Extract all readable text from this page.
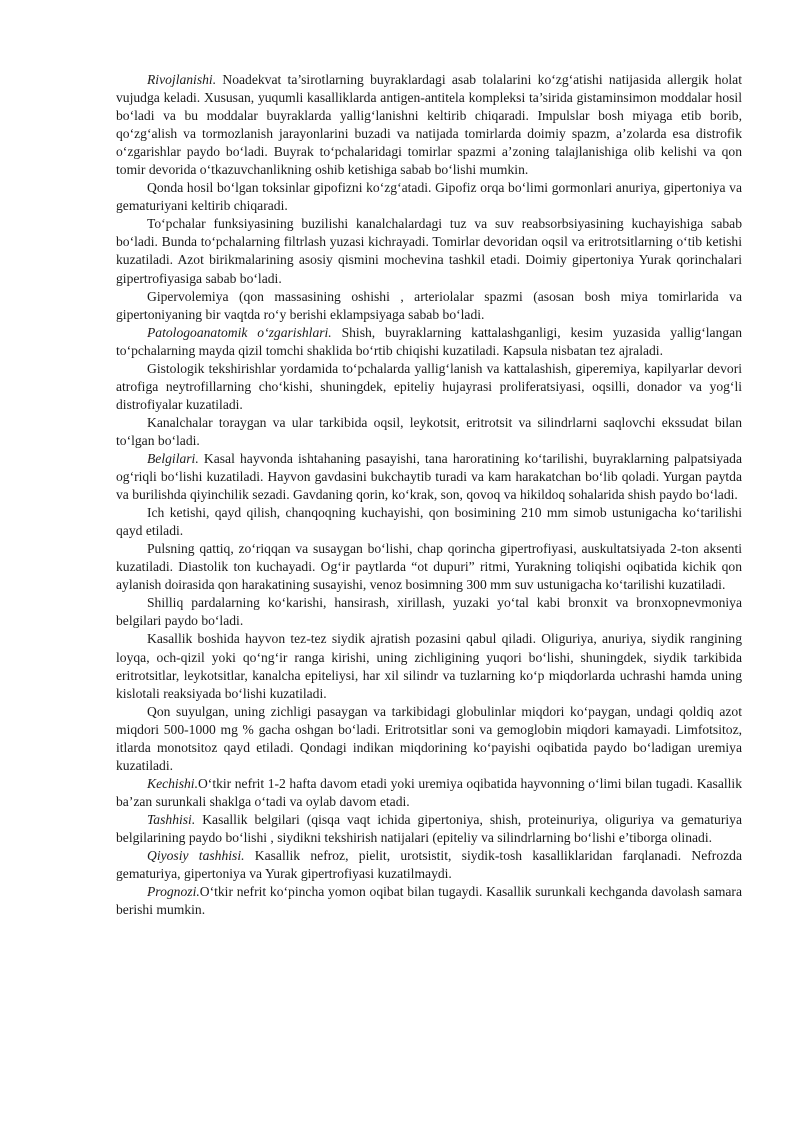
Rivojlanishi. Noadekvat ta’sirotlarning buyraklardagi asab tolalarini ko‘zg‘atishi natijasida allergik holat vujudga keladi. Xususan, yuqumli kasalliklarda antigen-antitela kompleksi ta’sirida gistaminsimon moddalar hosil bo‘ladi va bu moddalar buyraklarda yallig‘lanishni keltirib chiqaradi. Impulslar bosh miyaga etib borib, qo‘zg‘alish va tormozlanish jarayonlarini buzadi va natijada tomirlarda doimiy spazm, a’zolarda esa distrofik o‘zgarishlar paydo bo‘ladi. Buyrak to‘pchalaridagi tomirlar spazmi a’zoning talajlanishiga olib kelishi va qon tomir devorida o‘tkazuvchanlikning oshib ketishiga sabab bo‘lishi mumkin.

Qonda hosil bo‘lgan toksinlar gipofizni ko‘zg‘atadi. Gipofiz orqa bo‘limi gormonlari anuriya, gipertoniya va gematuriyani keltirib chiqaradi.

To‘pchalar funksiyasining buzilishi kanalchalardagi tuz va suv reabsorbsiyasining kuchayishiga sabab bo‘ladi. Bunda to‘pchalarning filtrlash yuzasi kichrayadi. Tomirlar devoridan oqsil va eritrotsitlarning o‘tib ketishi kuzatiladi. Azot birikmalarining asosiy qismini mochevina tashkil etadi. Doimiy gipertoniya Yurak qorinchalari gipertrofiyasiga sabab bo‘ladi.

Gipervolemiya (qon massasining oshishi , arteriolalar spazmi (asosan bosh miya tomirlarida va gipertoniyaning bir vaqtda ro‘y berishi eklampsiyaga sabab bo‘ladi.

Patologoanatomik o‘zgarishlari. Shish, buyraklarning kattalashganligi, kesim yuzasida yallig‘langan to‘pchalarning mayda qizil tomchi shaklida bo‘rtib chiqishi kuzatiladi. Kapsula nisbatan tez ajraladi.

Gistologik tekshirishlar yordamida to‘pchalarda yallig‘lanish va kattalashish, giperemiya, kapilyarlar devori atrofiga neytrofillarning cho‘kishi, shuningdek, epiteliy hujayrasi proliferatsiyasi, oqsilli, donador va yog‘li distrofiyalar kuzatiladi.

Kanalchalar toraygan va ular tarkibida oqsil, leykotsit, eritrotsit va silindrlarni saqlovchi ekssudat bilan to‘lgan bo‘ladi.

Belgilari. Kasal hayvonda ishtahaning pasayishi, tana haroratining ko‘tarilishi, buyraklarning palpatsiyada og‘riqli bo‘lishi kuzatiladi. Hayvon gavdasini bukchaytib turadi va kam harakatchan bo‘lib qoladi. Yurgan paytda va burilishda qiyinchilik sezadi. Gavdaning qorin, ko‘krak, son, qovoq va hikildoq sohalarida shish paydo bo‘ladi.

Ich ketishi, qayd qilish, chanqoqning kuchayishi, qon bosimining 210 mm simob ustunigacha ko‘tarilishi qayd etiladi.

Pulsning qattiq, zo‘riqqan va susaygan bo‘lishi, chap qorincha gipertrofiyasi, auskultatsiyada 2-ton aksenti kuzatiladi. Diastolik ton kuchayadi. Og‘ir paytlarda “ot dupuri” ritmi, Yurakning toliqishi oqibatida kichik qon aylanish doirasida qon harakatining susayishi, venoz bosimning 300 mm suv ustunigacha ko‘tarilishi kuzatiladi.

Shilliq pardalarning ko‘karishi, hansirash, xirillash, yuzaki yo‘tal kabi bronxit va bronxopnevmoniya belgilari paydo bo‘ladi.

Kasallik boshida hayvon tez-tez siydik ajratish pozasini qabul qiladi. Oliguriya, anuriya, siydik rangining loyqa, och-qizil yoki qo‘ng‘ir ranga kirishi, uning zichligining yuqori bo‘lishi, shuningdek, siydik tarkibida eritrotsitlar, leykotsitlar, kanalcha epiteliysi, har xil silindr va tuzlarning ko‘p miqdorlarda uchrashi hamda uning kislotali reaksiyada bo‘lishi kuzatiladi.

Qon suyulgan, uning zichligi pasaygan va tarkibidagi globulinlar miqdori ko‘paygan, undagi qoldiq azot miqdori 500-1000 mg % gacha oshgan bo‘ladi. Eritrotsitlar soni va gemoglobin miqdori kamayadi. Limfotsitoz, itlarda monotsitoz qayd etiladi. Qondagi indikan miqdorining ko‘payishi oqibatida paydo bo‘ladigan uremiya kuzatiladi.

Kechishi.O‘tkir nefrit 1-2 hafta davom etadi yoki uremiya oqibatida hayvonning o‘limi bilan tugadi. Kasallik ba’zan surunkali shaklga o‘tadi va oylab davom etadi.

Tashhisi. Kasallik belgilari (qisqa vaqt ichida gipertoniya, shish, proteinuriya, oliguriya va gematuriya belgilarining paydo bo‘lishi , siydikni tekshirish natijalari (epiteliy va silindrlarning bo‘lishi e’tiborga olinadi.

Qiyosiy tashhisi. Kasallik nefroz, pielit, urotsistit, siydik-tosh kasalliklaridan farqlanadi. Nefrozda gematuriya, gipertoniya va Yurak gipertrofiyasi kuzatilmaydi.

Prognozi.O‘tkir nefrit ko‘pincha yomon oqibat bilan tugaydi. Kasallik surunkali kechganda davolash samara berishi mumkin.
